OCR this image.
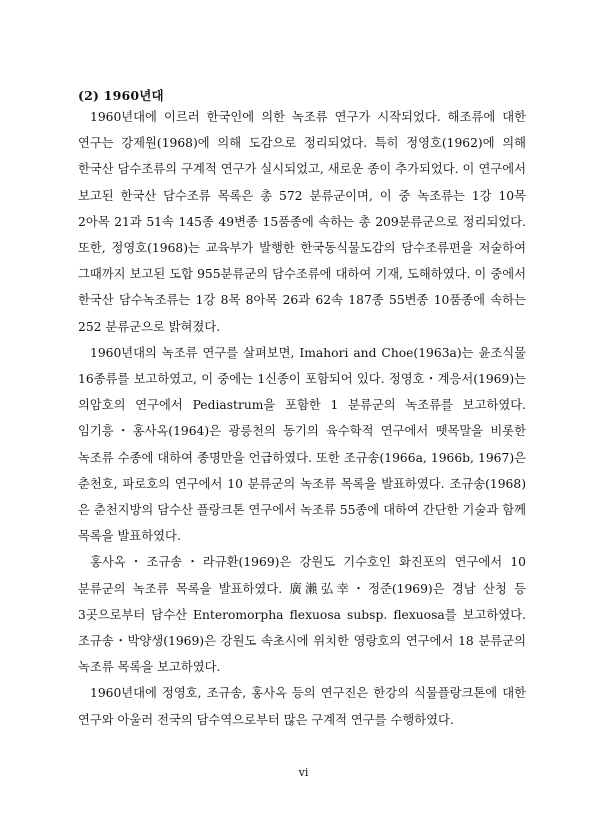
(2) 1960년대

1960년대에 이르러 한국인에 의한 녹조류 연구가 시작되었다. 해조류에 대한 연구는 강제원(1968)에 의해 도감으로 정리되었다. 특히 정영호(1962)에 의해 한국산 담수조류의 구계적 연구가 실시되었고, 새로운 종이 추가되었다. 이 연구에서 보고된 한국산 담수조류 목록은 총 572 분류군이며, 이 중 녹조류는 1강 10목 2아목 21과 51속 145종 49변종 15품종에 속하는 총 209분류군으로 정리되었다. 또한, 정영호(1968)는 교육부가 발행한 한국동식물도감의 담수조류편을 저술하여 그때까지 보고된 도합 955분류군의 담수조류에 대하여 기재, 도해하였다. 이 중에서 한국산 담수녹조류는 1강 8목 8아목 26과 62속 187종 55변종 10품종에 속하는 252 분류군으로 밝혀졌다.

1960년대의 녹조류 연구를 살펴보면, Imahori and Choe(1963a)는 윤조식물 16종류를 보고하였고, 이 중에는 1신종이 포함되어 있다. 정영호・계응서(1969)는 의암호의 연구에서 Pediastrum을 포함한 1 분류군의 녹조류를 보고하였다. 임기흥・홍사옥(1964)은 광릉천의 동기의 육수학적 연구에서 뗏목말을 비롯한 녹조류 수종에 대하여 종명만을 언급하였다. 또한 조규송(1966a, 1966b, 1967)은 춘천호, 파로호의 연구에서 10 분류군의 녹조류 목록을 발표하였다. 조규송(1968)은 춘천지방의 담수산 플랑크톤 연구에서 녹조류 55종에 대하여 간단한 기술과 함께 목록을 발표하였다.

홍사옥・조규송・라규환(1969)은 강원도 기수호인 화진포의 연구에서 10 분류군의 녹조류 목록을 발표하였다. 廣瀨弘幸・정준(1969)은 경남 산청 등 3곳으로부터 담수산 Enteromorpha flexuosa subsp. flexuosa를 보고하였다. 조규송・박양생(1969)은 강원도 속초시에 위치한 영랑호의 연구에서 18 분류군의 녹조류 목록을 보고하였다.

1960년대에 정영호, 조규송, 홍사옥 등의 연구진은 한강의 식물플랑크톤에 대한 연구와 아울러 전국의 담수역으로부터 많은 구계적 연구를 수행하였다.

vi
